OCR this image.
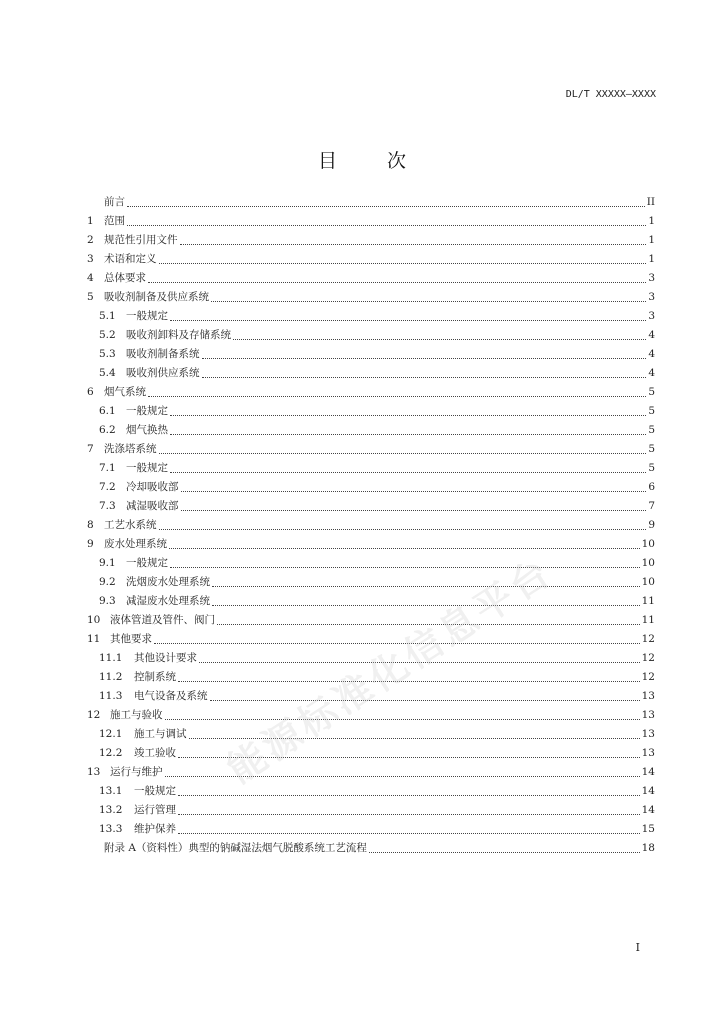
DL/T XXXXX—XXXX
目 次
前言	II
1 范围	1
2 规范性引用文件	1
3 术语和定义	1
4 总体要求	3
5 吸收剂制备及供应系统	3
5.1 一般规定	3
5.2 吸收剂卸料及存储系统	4
5.3 吸收剂制备系统	4
5.4 吸收剂供应系统	4
6 烟气系统	5
6.1 一般规定	5
6.2 烟气换热	5
7 洗涤塔系统	5
7.1 一般规定	5
7.2 冷却吸收部	6
7.3 减湿吸收部	7
8 工艺水系统	9
9 废水处理系统	10
9.1 一般规定	10
9.2 洗烟废水处理系统	10
9.3 减湿废水处理系统	11
10 液体管道及管件、阀门	11
11 其他要求	12
11.1	其他设计要求	12
11.2	控制系统	12
11.3	电气设备及系统	13
12 施工与验收	13
12.1	施工与调试	13
12.2	竣工验收	13
13 运行与维护	14
13.1	一般规定	14
13.2	运行管理	14
13.3	维护保养	15
附录 A（资料性）典型的钠碱湿法烟气脱酸系统工艺流程	18
能源标准化信息平台
I
